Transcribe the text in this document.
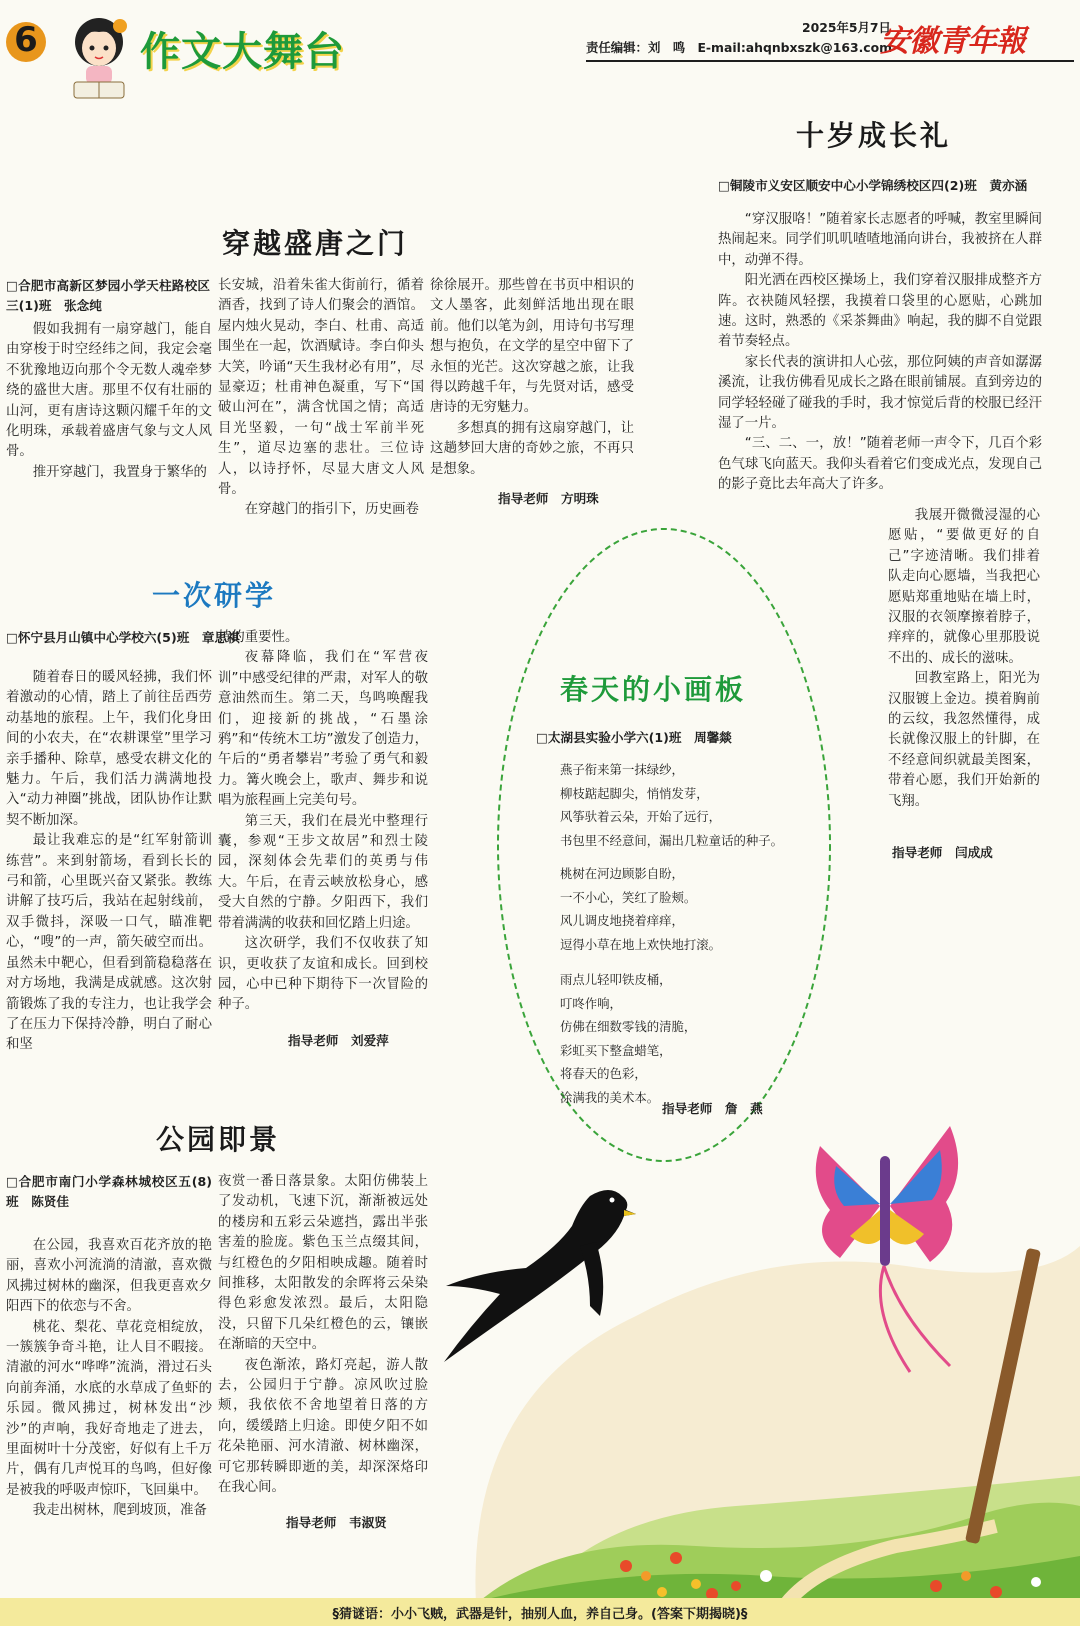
6	作文大舞台
2025年5月7日
责任编辑：刘　鸣 E-mail:ahqnbxszk@163.com
安徽青年報
十岁成长礼
□铜陵市义安区顺安中心小学锦绣校区四(2)班　黄亦涵

“穿汉服咯！”随着家长志愿者的呼喊，教室里瞬间热闹起来。同学们叽叽喳喳地涌向讲台，我被挤在人群中，动弹不得。

阳光洒在西校区操场上，我们穿着汉服排成整齐方阵。衣袂随风轻摆，我摸着口袋里的心愿贴，心跳加速。这时，熟悉的《采茶舞曲》响起，我的脚不自觉跟着节奏轻点。

家长代表的演讲扣人心弦，那位阿姨的声音如潺潺溪流，让我仿佛看见成长之路在眼前铺展。直到旁边的同学轻轻碰了碰我的手时，我才惊觉后背的校服已经汗湿了一片。

“三、二、一，放！”随着老师一声令下，几百个彩色气球飞向蓝天。我仰头看着它们变成光点，发现自己的影子竟比去年高大了许多。

我展开微微浸湿的心愿贴，“要做更好的自己”字迹清晰。我们排着队走向心愿墙，当我把心愿贴郑重地贴在墙上时，汉服的衣领摩擦着脖子，痒痒的，就像心里那股说不出的、成长的滋味。

回教室路上，阳光为汉服镀上金边。摸着胸前的云纹，我忽然懂得，成长就像汉服上的针脚，在不经意间织就最美图案，带着心愿，我们开始新的飞翔。

指导老师　闫成成
穿越盛唐之门
□合肥市高新区梦园小学天柱路校区三(1)班　张念纯

假如我拥有一扇穿越门，能自由穿梭于时空经纬之间，我定会毫不犹豫地迈向那个令无数人魂牵梦绕的盛世大唐。那里不仅有壮丽的山河，更有唐诗这颗闪耀千年的文化明珠，承载着盛唐气象与文人风骨。

推开穿越门，我置身于繁华的

长安城，沿着朱雀大街前行，循着酒香，找到了诗人们聚会的酒馆。屋内烛火晃动，李白、杜甫、高适围坐在一起，饮酒赋诗。李白仰头大笑，吟诵“天生我材必有用”，尽显豪迈；杜甫神色凝重，写下“国破山河在”，满含忧国之情；高适目光坚毅，一句“战士军前半死生”，道尽边塞的悲壮。三位诗人，以诗抒怀，尽显大唐文人风骨。

在穿越门的指引下，历史画卷

徐徐展开。那些曾在书页中相识的文人墨客，此刻鲜活地出现在眼前。他们以笔为剑，用诗句书写理想与抱负，在文学的星空中留下了永恒的光芒。这次穿越之旅，让我得以跨越千年，与先贤对话，感受唐诗的无穷魅力。

多想真的拥有这扇穿越门，让这趟梦回大唐的奇妙之旅，不再只是想象。

指导老师　方明珠
一次研学
□怀宁县月山镇中心学校六(5)班　章思祺

随着春日的暖风轻拂，我们怀着激动的心情，踏上了前往岳西劳动基地的旅程。上午，我们化身田间的小农夫，在“农耕课堂”里学习亲手播种、除草，感受农耕文化的魅力。午后，我们活力满满地投入“动力神圈”挑战，团队协作让默契不断加深。

最让我难忘的是“红军射箭训练营”。来到射箭场，看到长长的弓和箭，心里既兴奋又紧张。教练讲解了技巧后，我站在起射线前，双手微抖，深吸一口气，瞄准靶心，“嗖”的一声，箭矢破空而出。虽然未中靶心，但看到箭稳稳落在对方场地，我满是成就感。这次射箭锻炼了我的专注力，也让我学会了在压力下保持冷静，明白了耐心和坚

持的重要性。

夜幕降临，我们在“军营夜训”中感受纪律的严肃，对军人的敬意油然而生。第二天，鸟鸣唤醒我们，迎接新的挑战，“石墨涂鸦”和“传统木工坊”激发了创造力，午后的“勇者攀岩”考验了勇气和毅力。篝火晚会上，歌声、舞步和说唱为旅程画上完美句号。

第三天，我们在晨光中整理行囊，参观“王步文故居”和烈士陵园，深刻体会先辈们的英勇与伟大。午后，在青云峡放松身心，感受大自然的宁静。夕阳西下，我们带着满满的收获和回忆踏上归途。

这次研学，我们不仅收获了知识，更收获了友谊和成长。回到校园，心中已种下期待下一次冒险的种子。

指导老师　刘爱萍
春天的小画板
□太湖县实验小学六(1)班　周馨燚
燕子衔来第一抹绿纱，
柳枝踮起脚尖，悄悄发芽，
风筝驮着云朵，开始了远行，
书包里不经意间，漏出几粒童话的种子。
桃树在河边顾影自盼，
一不小心，笑红了脸颊。
风儿调皮地挠着痒痒，
逗得小草在地上欢快地打滚。
雨点儿轻叩铁皮桶，
叮咚作响，
仿佛在细数零钱的清脆，
彩虹买下整盒蜡笔，
将春天的色彩，
涂满我的美术本。
指导老师　詹　燕
公园即景
□合肥市南门小学森林城校区五(8)班　陈贤佳

在公园，我喜欢百花齐放的艳丽，喜欢小河流淌的清澈，喜欢微风拂过树林的幽深，但我更喜欢夕阳西下的依恋与不舍。

桃花、梨花、草花竞相绽放，一簇簇争奇斗艳，让人目不暇接。清澈的河水“哗哗”流淌，滑过石头向前奔涌，水底的水草成了鱼虾的乐园。微风拂过，树林发出“沙沙”的声响，我好奇地走了进去，里面树叶十分茂密，好似有上千万片，偶有几声悦耳的鸟鸣，但好像是被我的呼吸声惊吓，飞回巢中。

我走出树林，爬到坡顶，准备

夜赏一番日落景象。太阳仿佛装上了发动机，飞速下沉，渐渐被远处的楼房和五彩云朵遮挡，露出半张害羞的脸庞。紫色玉兰点缀其间，与红橙色的夕阳相映成趣。随着时间推移，太阳散发的余晖将云朵染得色彩愈发浓烈。最后，太阳隐没，只留下几朵红橙色的云，镶嵌在渐暗的天空中。

夜色渐浓，路灯亮起，游人散去，公园归于宁静。凉风吹过脸颊，我依依不舍地望着日落的方向，缓缓踏上归途。即使夕阳不如花朵艳丽、河水清澈、树林幽深，可它那转瞬即逝的美，却深深烙印在我心间。

指导老师　韦淑贤
§猜谜语：小小飞贼，武器是针，抽别人血，养自己身。(答案下期揭晓)§
